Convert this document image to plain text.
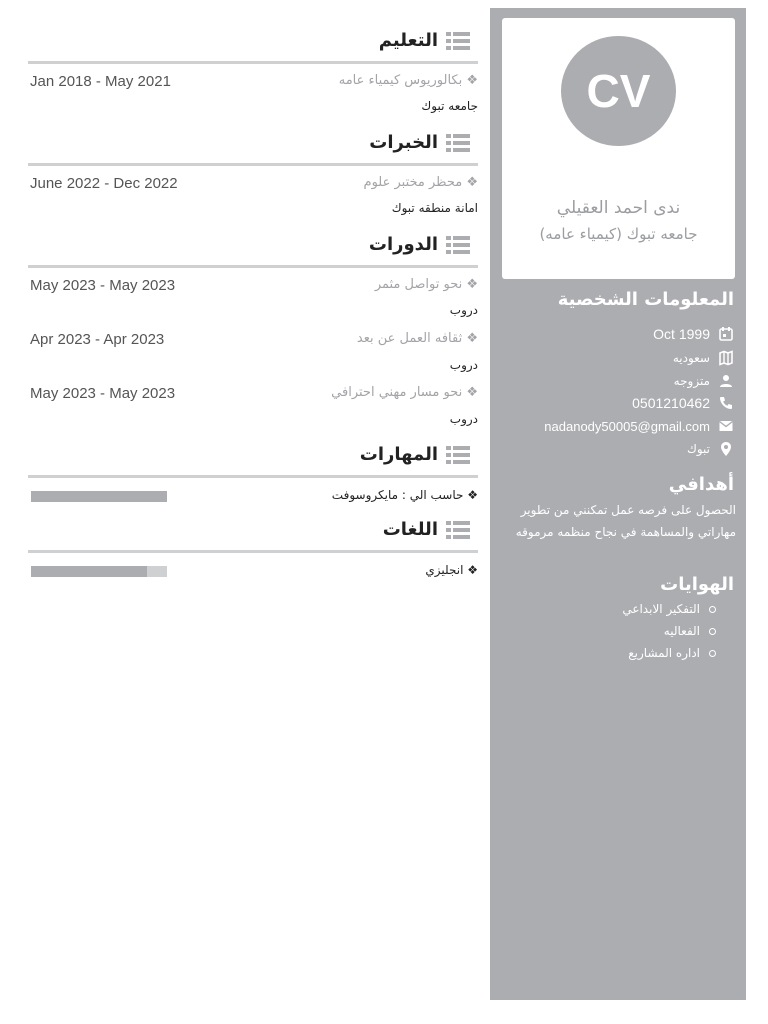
CV
ندى احمد العقيلي
جامعه تبوك (كيمياء عامه)
المعلومات الشخصية
Oct 1999
سعوديه
متزوجه
0501210462
nadanody50005@gmail.com
تبوك
أهدافي
الحصول على فرصه عمل تمكنني من تطوير مهاراتي والمساهمة في نجاح منظمه مرموقه
الهوايات
التفكير الابداعي
الفعاليه
اداره المشاريع
التعليم
❖ بكالوريوس كيمياء عامه
Jan 2018 - May 2021
جامعه تبوك
الخبرات
❖ محظر مختبر علوم
June 2022 - Dec 2022
امانة منطقه تبوك
الدورات
❖ نحو تواصل مثمر
May 2023 - May 2023
دروب
❖ ثقافه العمل عن بعد
Apr 2023 - Apr 2023
دروب
❖ نحو مسار مهني احترافي
May 2023 - May 2023
دروب
المهارات
❖ حاسب الي : مايكروسوفت
اللغات
❖ انجليزي
